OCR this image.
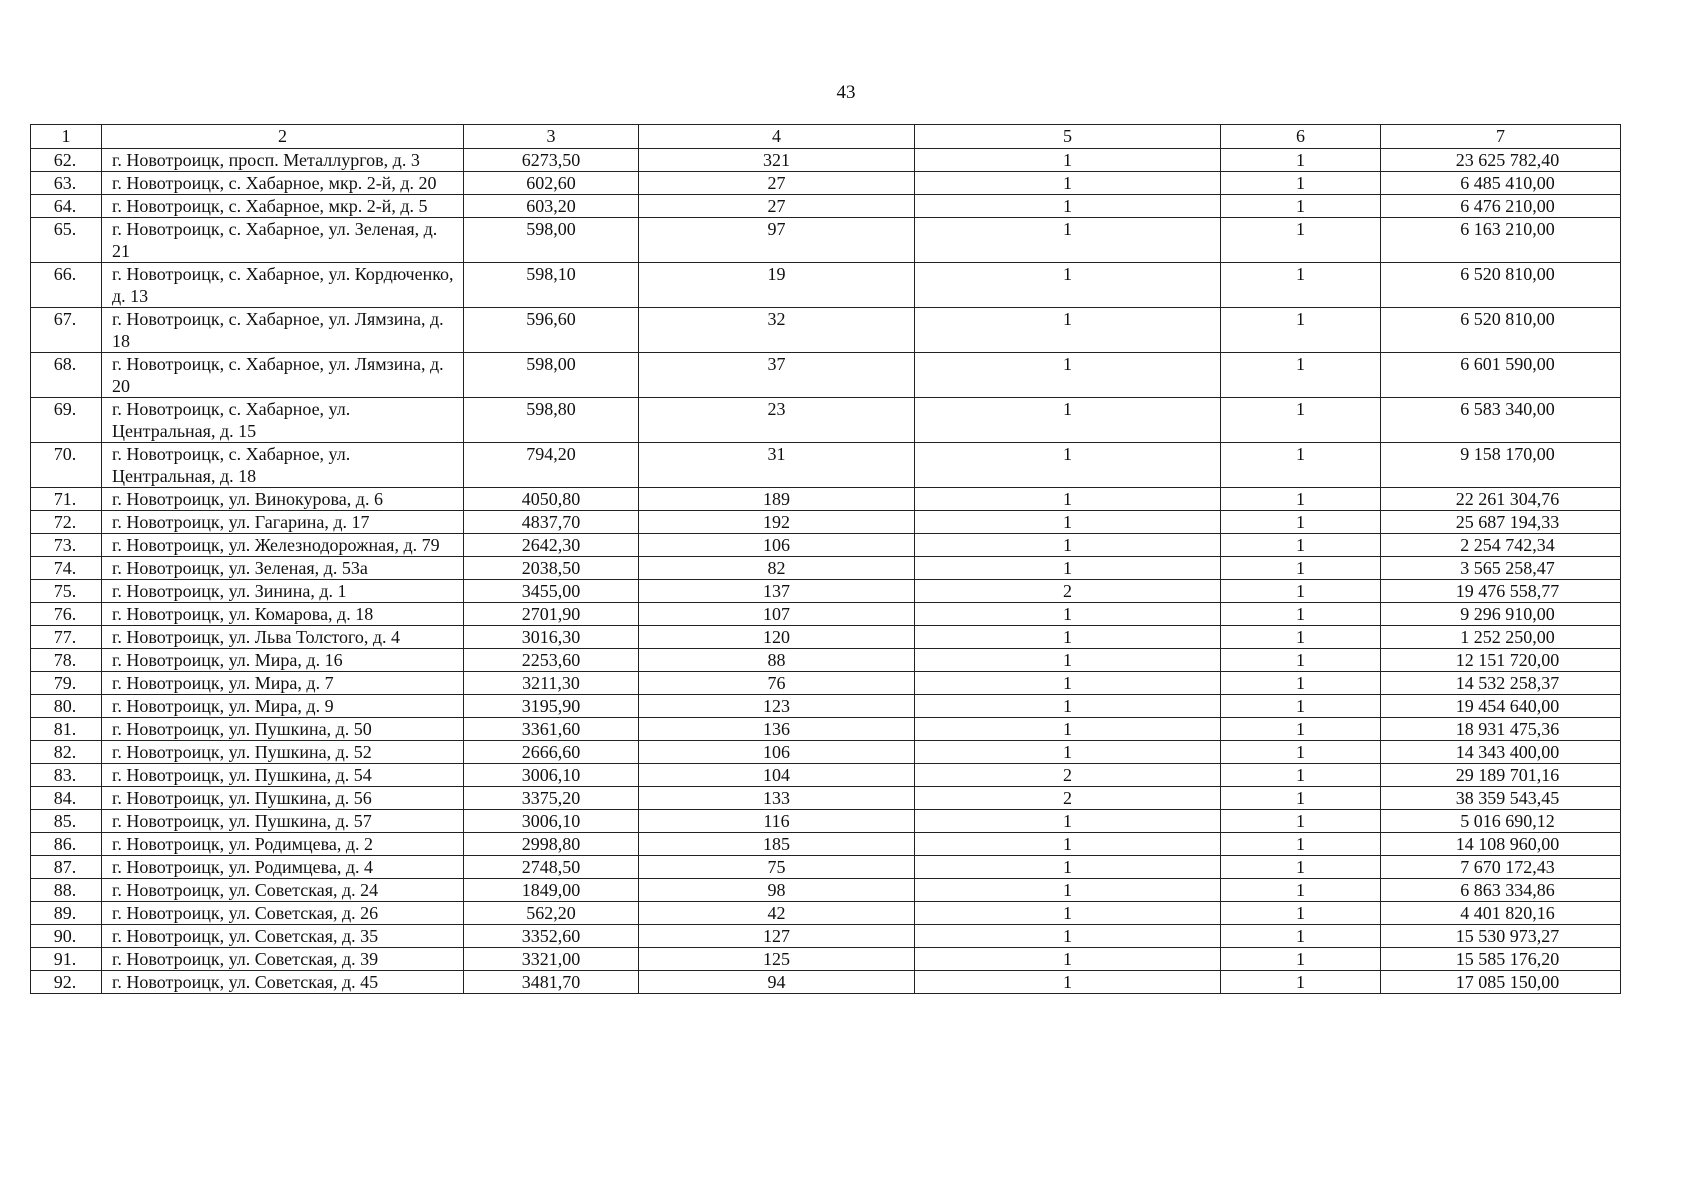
43
1	2	3	4	5	6	7
62.	г. Новотроицк, просп. Металлургов, д. 3	6273,50	321	1	1	23 625 782,40
63.	г. Новотроицк, с. Хабарное, мкр. 2-й, д. 20	602,60	27	1	1	6 485 410,00
64.	г. Новотроицк, с. Хабарное, мкр. 2-й, д. 5	603,20	27	1	1	6 476 210,00
65.	г. Новотроицк, с. Хабарное, ул. Зеленая, д. 21	598,00	97	1	1	6 163 210,00
66.	г. Новотроицк, с. Хабарное, ул. Кордюченко, д. 13	598,10	19	1	1	6 520 810,00
67.	г. Новотроицк, с. Хабарное, ул. Лямзина, д. 18	596,60	32	1	1	6 520 810,00
68.	г. Новотроицк, с. Хабарное, ул. Лямзина, д. 20	598,00	37	1	1	6 601 590,00
69.	г. Новотроицк, с. Хабарное, ул. Центральная, д. 15	598,80	23	1	1	6 583 340,00
70.	г. Новотроицк, с. Хабарное, ул. Центральная, д. 18	794,20	31	1	1	9 158 170,00
71.	г. Новотроицк, ул. Винокурова, д. 6	4050,80	189	1	1	22 261 304,76
72.	г. Новотроицк, ул. Гагарина, д. 17	4837,70	192	1	1	25 687 194,33
73.	г. Новотроицк, ул. Железнодорожная, д. 79	2642,30	106	1	1	2 254 742,34
74.	г. Новотроицк, ул. Зеленая, д. 53а	2038,50	82	1	1	3 565 258,47
75.	г. Новотроицк, ул. Зинина, д. 1	3455,00	137	2	1	19 476 558,77
76.	г. Новотроицк, ул. Комарова, д. 18	2701,90	107	1	1	9 296 910,00
77.	г. Новотроицк, ул. Льва Толстого, д. 4	3016,30	120	1	1	1 252 250,00
78.	г. Новотроицк, ул. Мира, д. 16	2253,60	88	1	1	12 151 720,00
79.	г. Новотроицк, ул. Мира, д. 7	3211,30	76	1	1	14 532 258,37
80.	г. Новотроицк, ул. Мира, д. 9	3195,90	123	1	1	19 454 640,00
81.	г. Новотроицк, ул. Пушкина, д. 50	3361,60	136	1	1	18 931 475,36
82.	г. Новотроицк, ул. Пушкина, д. 52	2666,60	106	1	1	14 343 400,00
83.	г. Новотроицк, ул. Пушкина, д. 54	3006,10	104	2	1	29 189 701,16
84.	г. Новотроицк, ул. Пушкина, д. 56	3375,20	133	2	1	38 359 543,45
85.	г. Новотроицк, ул. Пушкина, д. 57	3006,10	116	1	1	5 016 690,12
86.	г. Новотроицк, ул. Родимцева, д. 2	2998,80	185	1	1	14 108 960,00
87.	г. Новотроицк, ул. Родимцева, д. 4	2748,50	75	1	1	7 670 172,43
88.	г. Новотроицк, ул. Советская, д. 24	1849,00	98	1	1	6 863 334,86
89.	г. Новотроицк, ул. Советская, д. 26	562,20	42	1	1	4 401 820,16
90.	г. Новотроицк, ул. Советская, д. 35	3352,60	127	1	1	15 530 973,27
91.	г. Новотроицк, ул. Советская, д. 39	3321,00	125	1	1	15 585 176,20
92.	г. Новотроицк, ул. Советская, д. 45	3481,70	94	1	1	17 085 150,00
